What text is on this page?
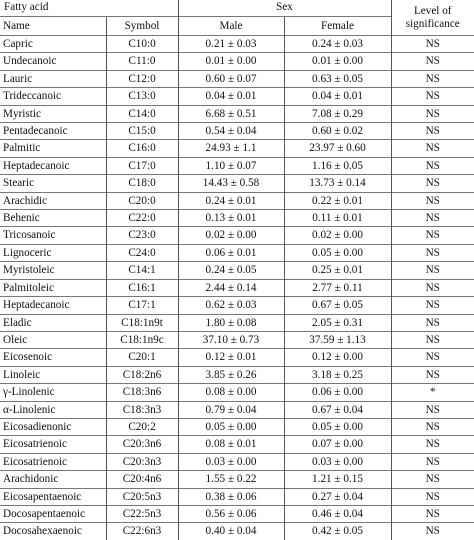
Fatty acid		Sex		Level of significance
Name	Symbol	Male	Female	
Capric	C10:0	0.21 ± 0.03	0.24 ± 0.03	NS
Undecanoic	C11:0	0.01 ± 0.00	0.01 ± 0.00	NS
Lauric	C12:0	0.60 ± 0.07	0.63 ± 0.05	NS
Trideccanoic	C13:0	0.04 ± 0.01	0.04 ± 0.01	NS
Myristic	C14:0	6.68 ± 0.51	7.08 ± 0.29	NS
Pentadecanoic	C15:0	0.54 ± 0.04	0.60 ± 0.02	NS
Palmitic	C16:0	24.93 ± 1.1	23.97 ± 0.60	NS
Heptadecanoic	C17:0	1.10 ± 0.07	1.16 ± 0.05	NS
Stearic	C18:0	14.43 ± 0.58	13.73 ± 0.14	NS
Arachidic	C20:0	0.24 ± 0.01	0.22 ± 0.01	NS
Behenic	C22:0	0.13 ± 0.01	0.11 ± 0.01	NS
Tricosanoic	C23:0	0.02 ± 0.00	0.02 ± 0.00	NS
Lignoceric	C24:0	0.06 ± 0.01	0.05 ± 0.00	NS
Myristoleic	C14:1	0.24 ± 0.05	0.25 ± 0.01	NS
Palmitoleic	C16:1	2.44 ± 0.14	2.77 ± 0.11	NS
Heptadecanoic	C17:1	0.62 ± 0.03	0.67 ± 0.05	NS
Eladic	C18:1n9t	1.80 ± 0.08	2.05 ± 0.31	NS
Oleic	C18:1n9c	37.10 ± 0.73	37.59 ± 1.13	NS
Eicosenoic	C20:1	0.12 ± 0.01	0.12 ± 0.00	NS
Linoleic	C18:2n6	3.85 ± 0.26	3.18 ± 0.25	NS
γ-Linolenic	C18:3n6	0.08 ± 0.00	0.06 ± 0.00	*
α-Linolenic	C18:3n3	0.79 ± 0.04	0.67 ± 0.04	NS
Eicosadienonic	C20:2	0.05 ± 0.00	0.05 ± 0.00	NS
Eicosatrienoic	C20:3n6	0.08 ± 0.01	0.07 ± 0.00	NS
Eicosatrienoic	C20:3n3	0.03 ± 0.00	0.03 ± 0.00	NS
Arachidonic	C20:4n6	1.55 ± 0.22	1.21 ± 0.15	NS
Eicosapentaenoic	C20:5n3	0.38 ± 0.06	0.27 ± 0.04	NS
Docosapentaenoic	C22:5n3	0.56 ± 0.06	0.46 ± 0.04	NS
Docosahexaenoic	C22:6n3	0.40 ± 0.04	0.42 ± 0.05	NS
